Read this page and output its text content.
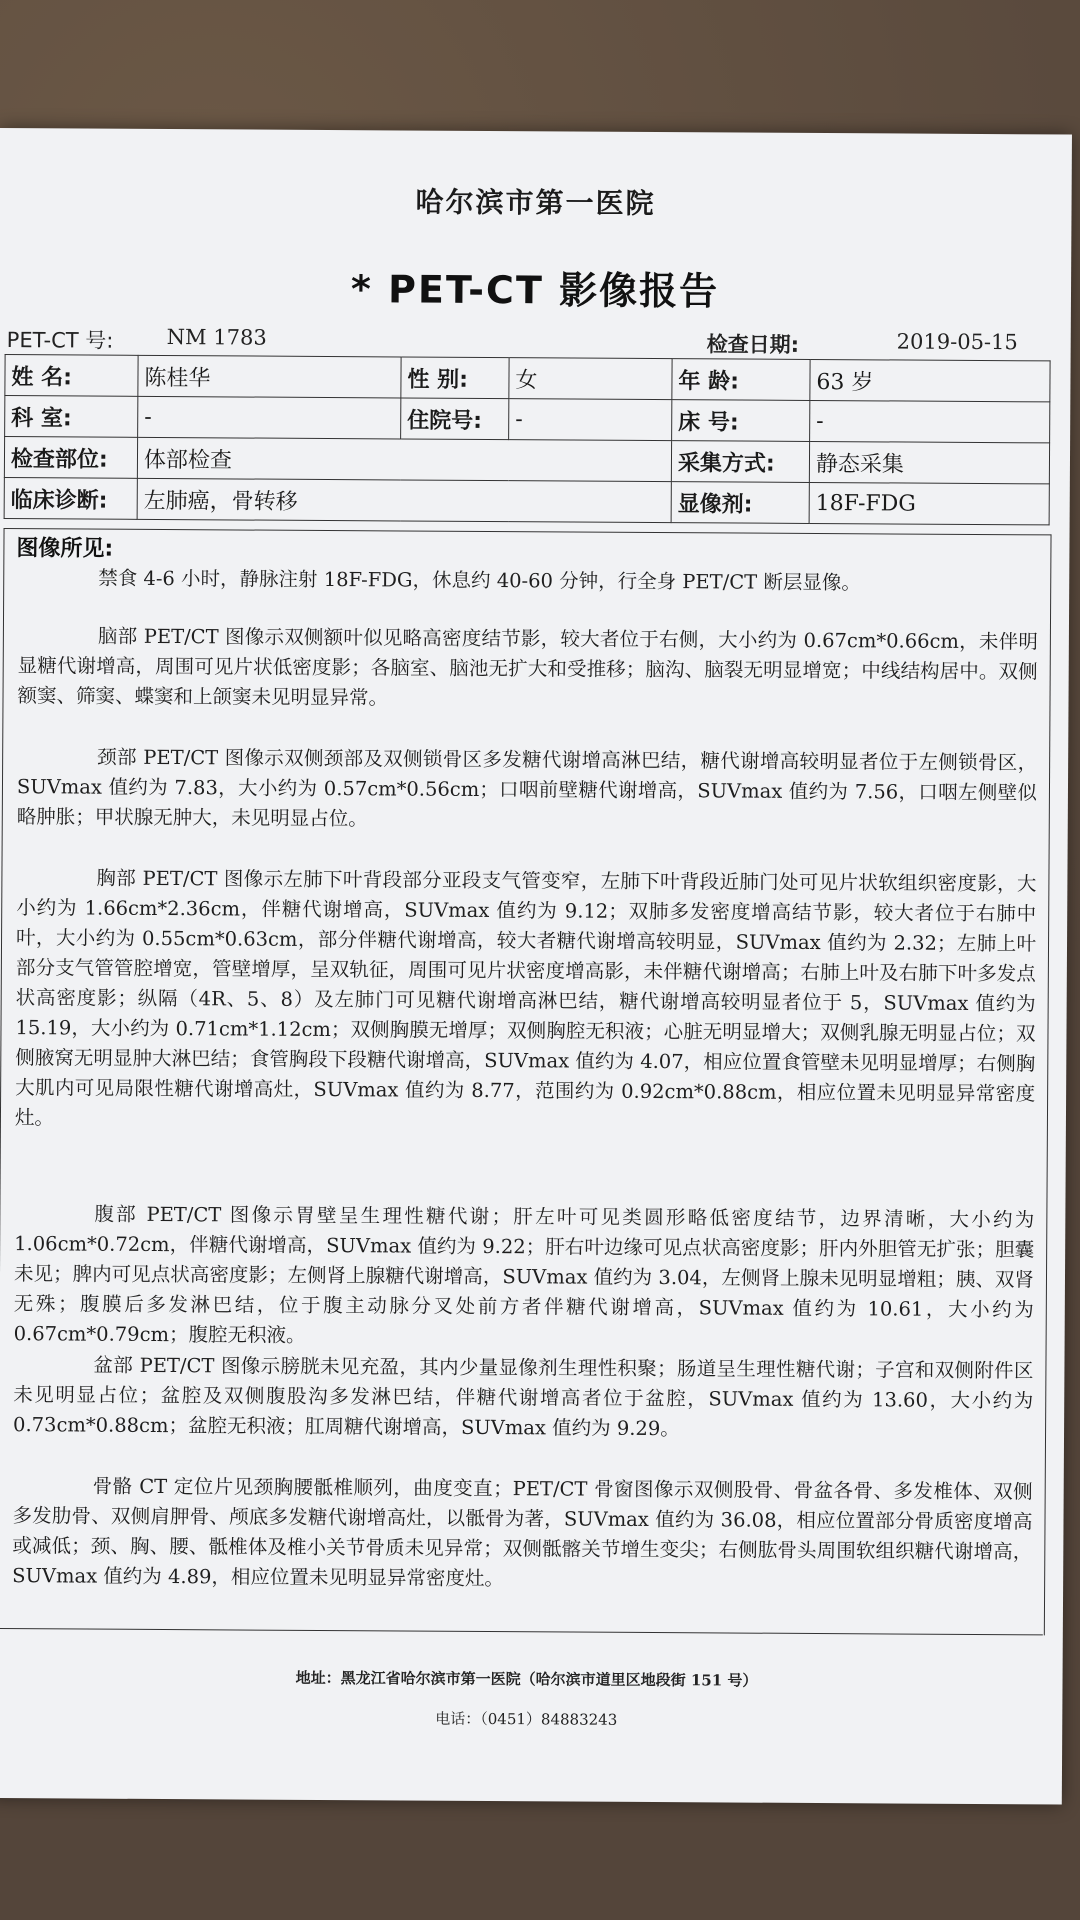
哈尔滨市第一医院
* PET-CT 影像报告
PET-CT 号:	NM 1783	检查日期:	2019-05-15
姓 名:	陈桂华	性 别:	女	年 龄:	63 岁
科 室:	-	住院号:	-	床 号:	-
检查部位:	体部检查			采集方式:	静态采集
临床诊断:	左肺癌，骨转移			显像剂:	18F-FDG
图像所见:
禁食 4-6 小时，静脉注射 18F-FDG，休息约 40-60 分钟，行全身 PET/CT 断层显像。
脑部 PET/CT 图像示双侧额叶似见略高密度结节影，较大者位于右侧，大小约为 0.67cm*0.66cm，未伴明显糖代谢增高，周围可见片状低密度影；各脑室、脑池无扩大和受推移；脑沟、脑裂无明显增宽；中线结构居中。双侧额窦、筛窦、蝶窦和上颌窦未见明显异常。
颈部 PET/CT 图像示双侧颈部及双侧锁骨区多发糖代谢增高淋巴结，糖代谢增高较明显者位于左侧锁骨区，SUVmax 值约为 7.83，大小约为 0.57cm*0.56cm；口咽前壁糖代谢增高，SUVmax 值约为 7.56，口咽左侧壁似略肿胀；甲状腺无肿大，未见明显占位。
胸部 PET/CT 图像示左肺下叶背段部分亚段支气管变窄，左肺下叶背段近肺门处可见片状软组织密度影，大小约为 1.66cm*2.36cm，伴糖代谢增高，SUVmax 值约为 9.12；双肺多发密度增高结节影，较大者位于右肺中叶，大小约为 0.55cm*0.63cm，部分伴糖代谢增高，较大者糖代谢增高较明显，SUVmax 值约为 2.32；左肺上叶部分支气管管腔增宽，管壁增厚，呈双轨征，周围可见片状密度增高影，未伴糖代谢增高；右肺上叶及右肺下叶多发点状高密度影；纵隔（4R、5、8）及左肺门可见糖代谢增高淋巴结，糖代谢增高较明显者位于 5，SUVmax 值约为 15.19，大小约为 0.71cm*1.12cm；双侧胸膜无增厚；双侧胸腔无积液；心脏无明显增大；双侧乳腺无明显占位；双侧腋窝无明显肿大淋巴结；食管胸段下段糖代谢增高，SUVmax 值约为 4.07，相应位置食管壁未见明显增厚；右侧胸大肌内可见局限性糖代谢增高灶，SUVmax 值约为 8.77，范围约为 0.92cm*0.88cm，相应位置未见明显异常密度灶。
腹部 PET/CT 图像示胃壁呈生理性糖代谢；肝左叶可见类圆形略低密度结节，边界清晰，大小约为 1.06cm*0.72cm，伴糖代谢增高，SUVmax 值约为 9.22；肝右叶边缘可见点状高密度影；肝内外胆管无扩张；胆囊未见；脾内可见点状高密度影；左侧肾上腺糖代谢增高，SUVmax 值约为 3.04，左侧肾上腺未见明显增粗；胰、双肾无殊；腹膜后多发淋巴结，位于腹主动脉分叉处前方者伴糖代谢增高，SUVmax 值约为 10.61，大小约为 0.67cm*0.79cm；腹腔无积液。
盆部 PET/CT 图像示膀胱未见充盈，其内少量显像剂生理性积聚；肠道呈生理性糖代谢；子宫和双侧附件区未见明显占位；盆腔及双侧腹股沟多发淋巴结，伴糖代谢增高者位于盆腔，SUVmax 值约为 13.60，大小约为 0.73cm*0.88cm；盆腔无积液；肛周糖代谢增高，SUVmax 值约为 9.29。
骨骼 CT 定位片见颈胸腰骶椎顺列，曲度变直；PET/CT 骨窗图像示双侧股骨、骨盆各骨、多发椎体、双侧多发肋骨、双侧肩胛骨、颅底多发糖代谢增高灶，以骶骨为著，SUVmax 值约为 36.08，相应位置部分骨质密度增高或减低；颈、胸、腰、骶椎体及椎小关节骨质未见异常；双侧骶髂关节增生变尖；右侧肱骨头周围软组织糖代谢增高，SUVmax 值约为 4.89，相应位置未见明显异常密度灶。
地址：黑龙江省哈尔滨市第一医院（哈尔滨市道里区地段街 151 号）
电话：（0451）84883243
